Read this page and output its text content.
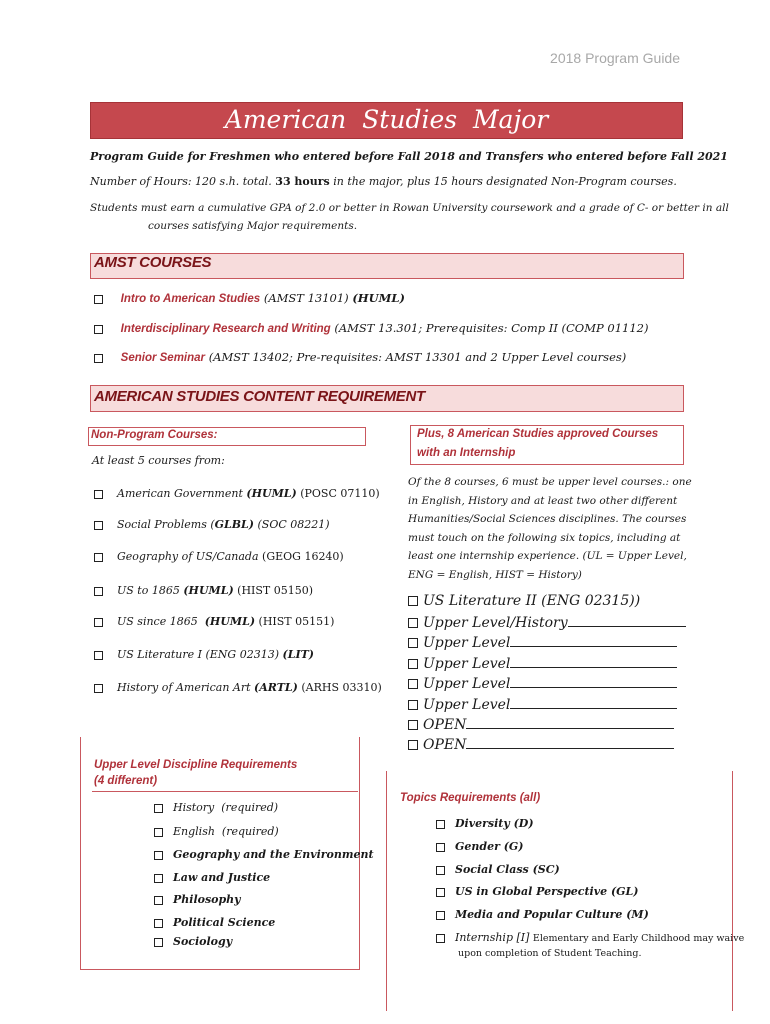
2018 Program Guide
American  Studies  Major
Program Guide for Freshmen who entered before Fall 2018 and Transfers who entered before Fall 2021
Number of Hours: 120 s.h. total. 33 hours in the major, plus 15 hours designated Non-Program courses.
Students must earn a cumulative GPA of 2.0 or better in Rowan University coursework and a grade of C- or better in all
courses satisfying Major requirements.
AMST COURSES
Intro to American Studies (AMST 13101) (HUML)
Interdisciplinary Research and Writing (AMST 13.301; Prerequisites: Comp II (COMP 01112)
Senior Seminar (AMST 13402; Pre-requisites: AMST 13301 and 2 Upper Level courses)
AMERICAN STUDIES CONTENT REQUIREMENT
Non-Program Courses:
At least 5 courses from:
American Government (HUML) (POSC 07110)
Social Problems (GLBL) (SOC 08221)
Geography of US/Canada (GEOG 16240)
US to 1865 (HUML) (HIST 05150)
US since 1865  (HUML) (HIST 05151)
US Literature I (ENG 02313) (LIT)
History of American Art (ARTL) (ARHS 03310)
Plus, 8 American Studies approved Courses
with an Internship
Of the 8 courses, 6 must be upper level courses.: one
in English, History and at least two other different
Humanities/Social Sciences disciplines. The courses
must touch on the following six topics, including at
least one internship experience. (UL = Upper Level,
ENG = English, HIST = History)
US Literature II (ENG 02315))
Upper Level/History
Upper Level
Upper Level
Upper Level
Upper Level
OPEN
OPEN
Upper Level Discipline Requirements
(4 different)
History  (required)
English  (required)
Geography and the Environment
Law and Justice
Philosophy
Political Science
Sociology
Topics Requirements (all)
Diversity (D)
Gender (G)
Social Class (SC)
US in Global Perspective (GL)
Media and Popular Culture (M)
Internship [I] Elementary and Early Childhood may waive
upon completion of Student Teaching.
